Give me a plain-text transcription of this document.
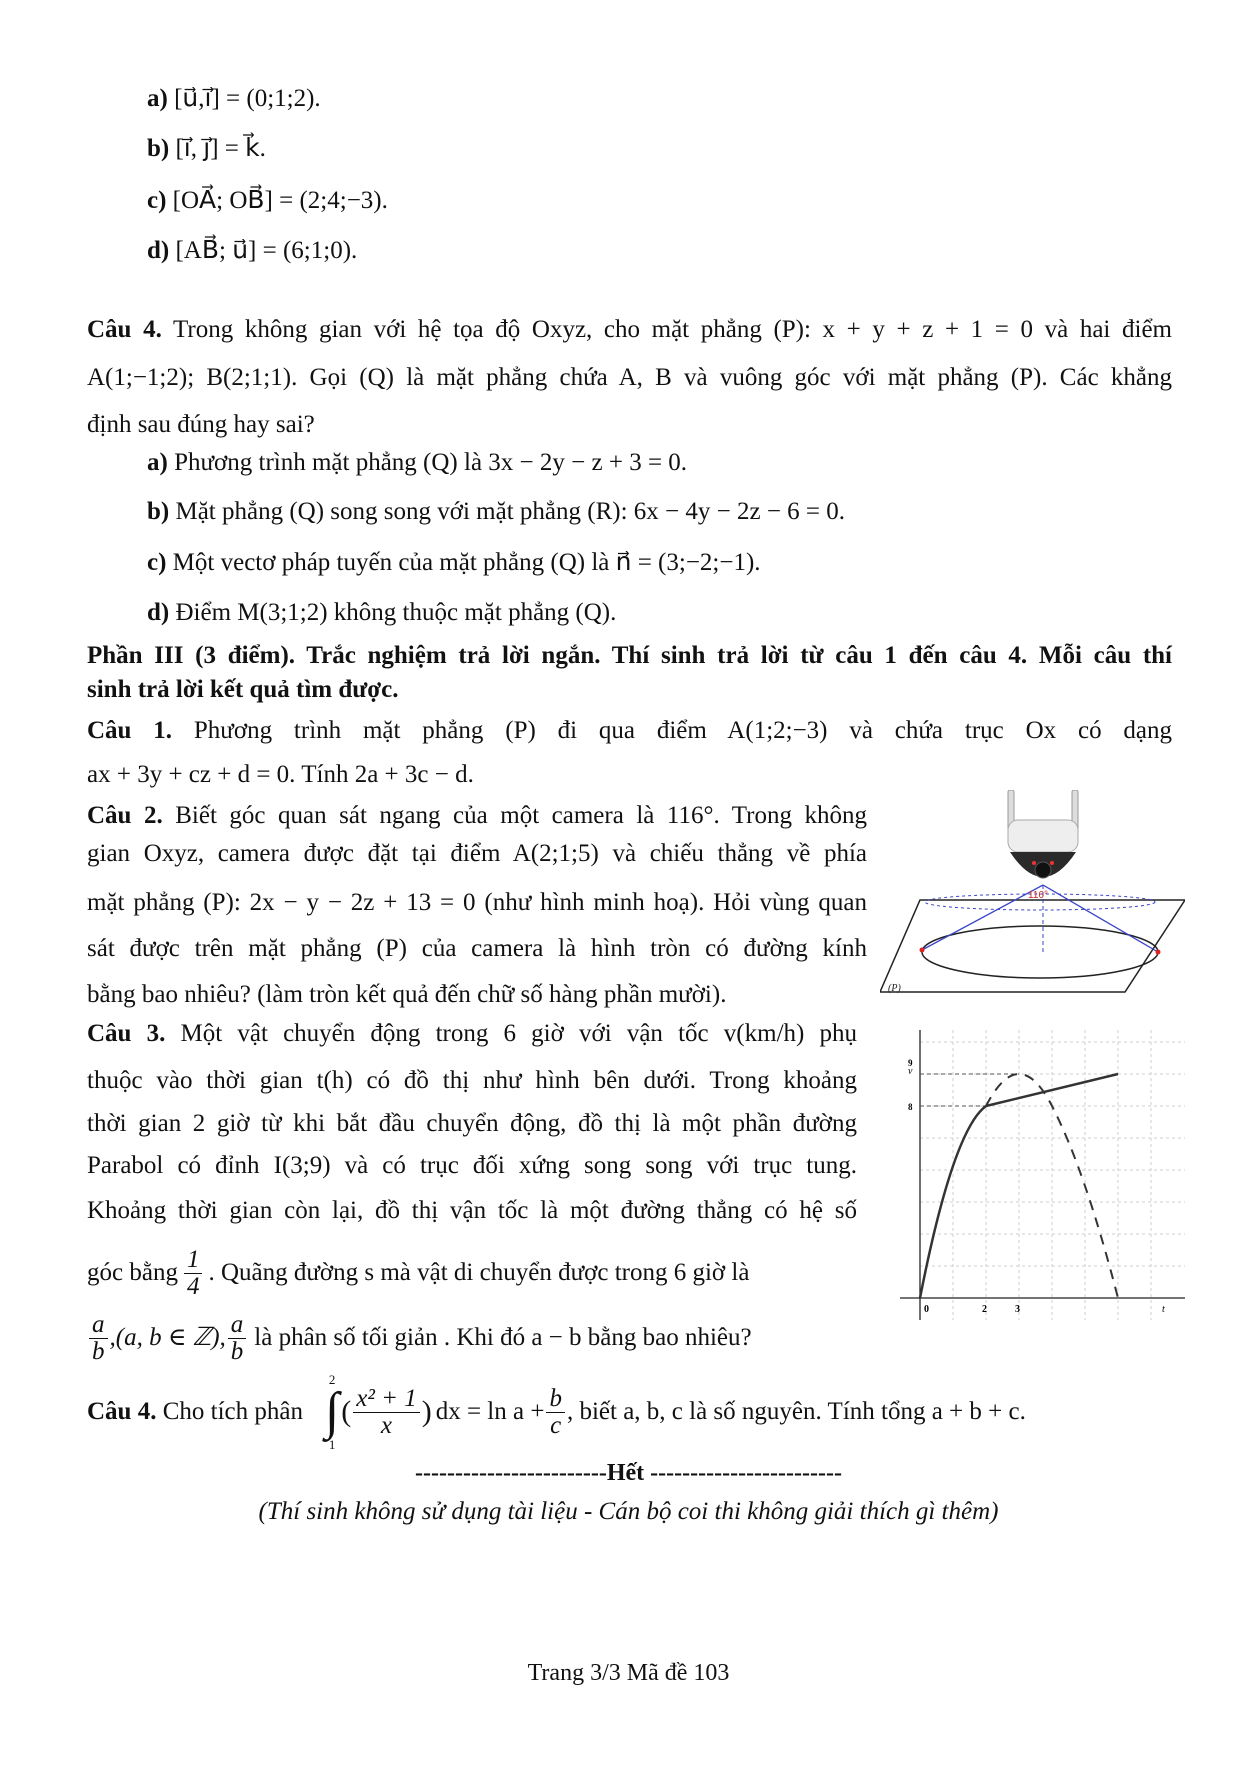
a) [u⃗,i⃗] = (0;1;2).
b) [i⃗, j⃗] = k⃗.
c) [OA⃗; OB⃗] = (2;4;−3).
d) [AB⃗; u⃗] = (6;1;0).
Câu 4. Trong không gian với hệ tọa độ Oxyz, cho mặt phẳng (P): x + y + z + 1 = 0 và hai điểm
A(1;−1;2); B(2;1;1). Gọi (Q) là mặt phẳng chứa A, B và vuông góc với mặt phẳng (P). Các khẳng
định sau đúng hay sai?
a) Phương trình mặt phẳng (Q) là 3x − 2y − z + 3 = 0.
b) Mặt phẳng (Q) song song với mặt phẳng (R): 6x − 4y − 2z − 6 = 0.
c) Một vectơ pháp tuyến của mặt phẳng (Q) là n⃗ = (3;−2;−1).
d) Điểm M(3;1;2) không thuộc mặt phẳng (Q).
Phần III (3 điểm). Trắc nghiệm trả lời ngắn. Thí sinh trả lời từ câu 1 đến câu 4. Mỗi câu thí
sinh trả lời kết quả tìm được.
Câu 1. Phương trình mặt phẳng (P) đi qua điểm A(1;2;−3) và chứa trục Ox có dạng
ax + 3y + cz + d = 0. Tính 2a + 3c − d.
Câu 2. Biết góc quan sát ngang của một camera là 116°. Trong không
gian Oxyz, camera được đặt tại điểm A(2;1;5) và chiếu thẳng về phía
mặt phẳng (P): 2x − y − 2z + 13 = 0 (như hình minh hoạ). Hỏi vùng quan
sát được trên mặt phẳng (P) của camera là hình tròn có đường kính
bằng bao nhiêu? (làm tròn kết quả đến chữ số hàng phần mười).
116°
(P)
Câu 3. Một vật chuyển động trong 6 giờ với vận tốc v(km/h) phụ
thuộc vào thời gian t(h) có đồ thị như hình bên dưới. Trong khoảng
thời gian 2 giờ từ khi bắt đầu chuyển động, đồ thị là một phần đường
Parabol có đỉnh I(3;9) và có trục đối xứng song song với trục tung.
Khoảng thời gian còn lại, đồ thị vận tốc là một đường thẳng có hệ số
góc bằng $\frac{1}{4}$ . Quãng đường s mà vật di chuyển được trong 6 giờ là
$\frac{a}{b} ,(a$, b ∈ ℤ), $\frac{a}{b}$ là phân số tối giản . Khi đó a − b bằng bao nhiêu?
v
9
8
0	2	3	t
Câu 4.
Cho tích phân
2
∫
1
( $\frac{\text{x² + 1}}{x}$ ) dx = $\ln a + \frac{b}{c}$ , biết a, b, c là số nguyên. Tính tổng a + b + c.
------------------------Hết ------------------------
(Thí sinh không sử dụng tài liệu - Cán bộ coi thi không giải thích gì thêm)
Trang 3/3 Mã đề 103
